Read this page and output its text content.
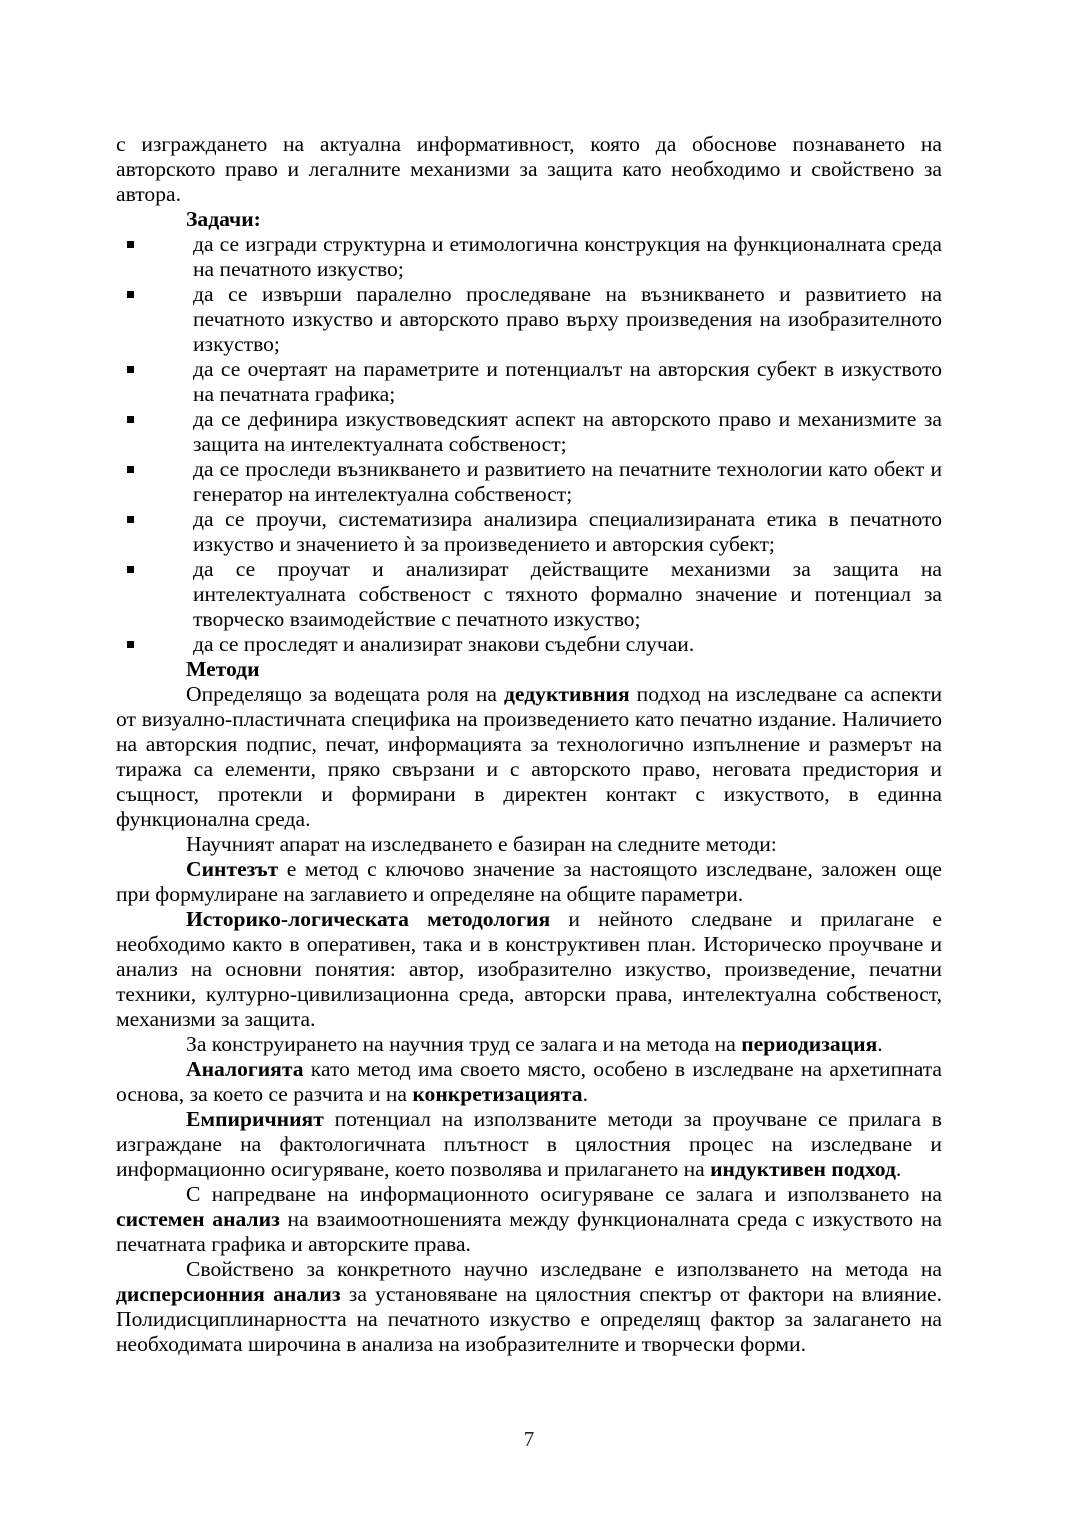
с изграждането на актуална информативност, която да обоснове познаването на авторското право и легалните механизми за защита като необходимо и свойствено за автора.

Задачи:

да се изгради структурна и етимологична конструкция на функционалната среда на печатното изкуство;
да се извърши паралелно проследяване на възникването и развитието на печатното изкуство и авторското право върху произведения на изобразителното изкуство;
да се очертаят на параметрите и потенциалът на авторския субект в изкуството на печатната графика;
да се дефинира изкуствоведският аспект на авторското право и механизмите за защита на интелектуалната собственост;
да се проследи възникването и развитието на печатните технологии като обект и генератор на интелектуална собственост;
да се проучи, систематизира анализира специализираната етика в печатното изкуство и значението ѝ за произведението и авторския субект;
да се проучат и анализират действащите механизми за защита на интелектуалната собственост с тяхното формално значение и потенциал за творческо взаимодействие с печатното изкуство;
да се проследят и анализират знакови съдебни случаи.

Методи

Определящо за водещата роля на дедуктивния подход на изследване са аспекти от визуално-пластичната специфика на произведението като печатно издание. Наличието на авторския подпис, печат, информацията за технологично изпълнение и размерът на тиража са елементи, пряко свързани и с авторското право, неговата предистория и същност, протекли и формирани в директен контакт с изкуството, в единна функционална среда.

Научният апарат на изследването е базиран на следните методи:

Синтезът е метод с ключово значение за настоящото изследване, заложен още при формулиране на заглавието и определяне на общите параметри.

Историко-логическата методология и нейното следване и прилагане е необходимо както в оперативен, така и в конструктивен план. Историческо проучване и анализ на основни понятия: автор, изобразително изкуство, произведение, печатни техники, културно-цивилизационна среда, авторски права, интелектуална собственост, механизми за защита.

За конструирането на научния труд се залага и на метода на периодизация.

Аналогията като метод има своето място, особено в изследване на архетипната основа, за което се разчита и на конкретизацията.

Емпиричният потенциал на използваните методи за проучване се прилага в изграждане на фактологичната плътност в цялостния процес на изследване и информационно осигуряване, което позволява и прилагането на индуктивен подход.

С напредване на информационното осигуряване се залага и използването на системен анализ на взаимоотношенията между функционалната среда с изкуството на печатната графика и авторските права.

Свойствено за конкретното научно изследване е използването на метода на дисперсионния анализ за установяване на цялостния спектър от фактори на влияние. Полидисциплинарността на печатното изкуство е определящ фактор за залагането на необходимата широчина в анализа на изобразителните и творчески форми.

7
